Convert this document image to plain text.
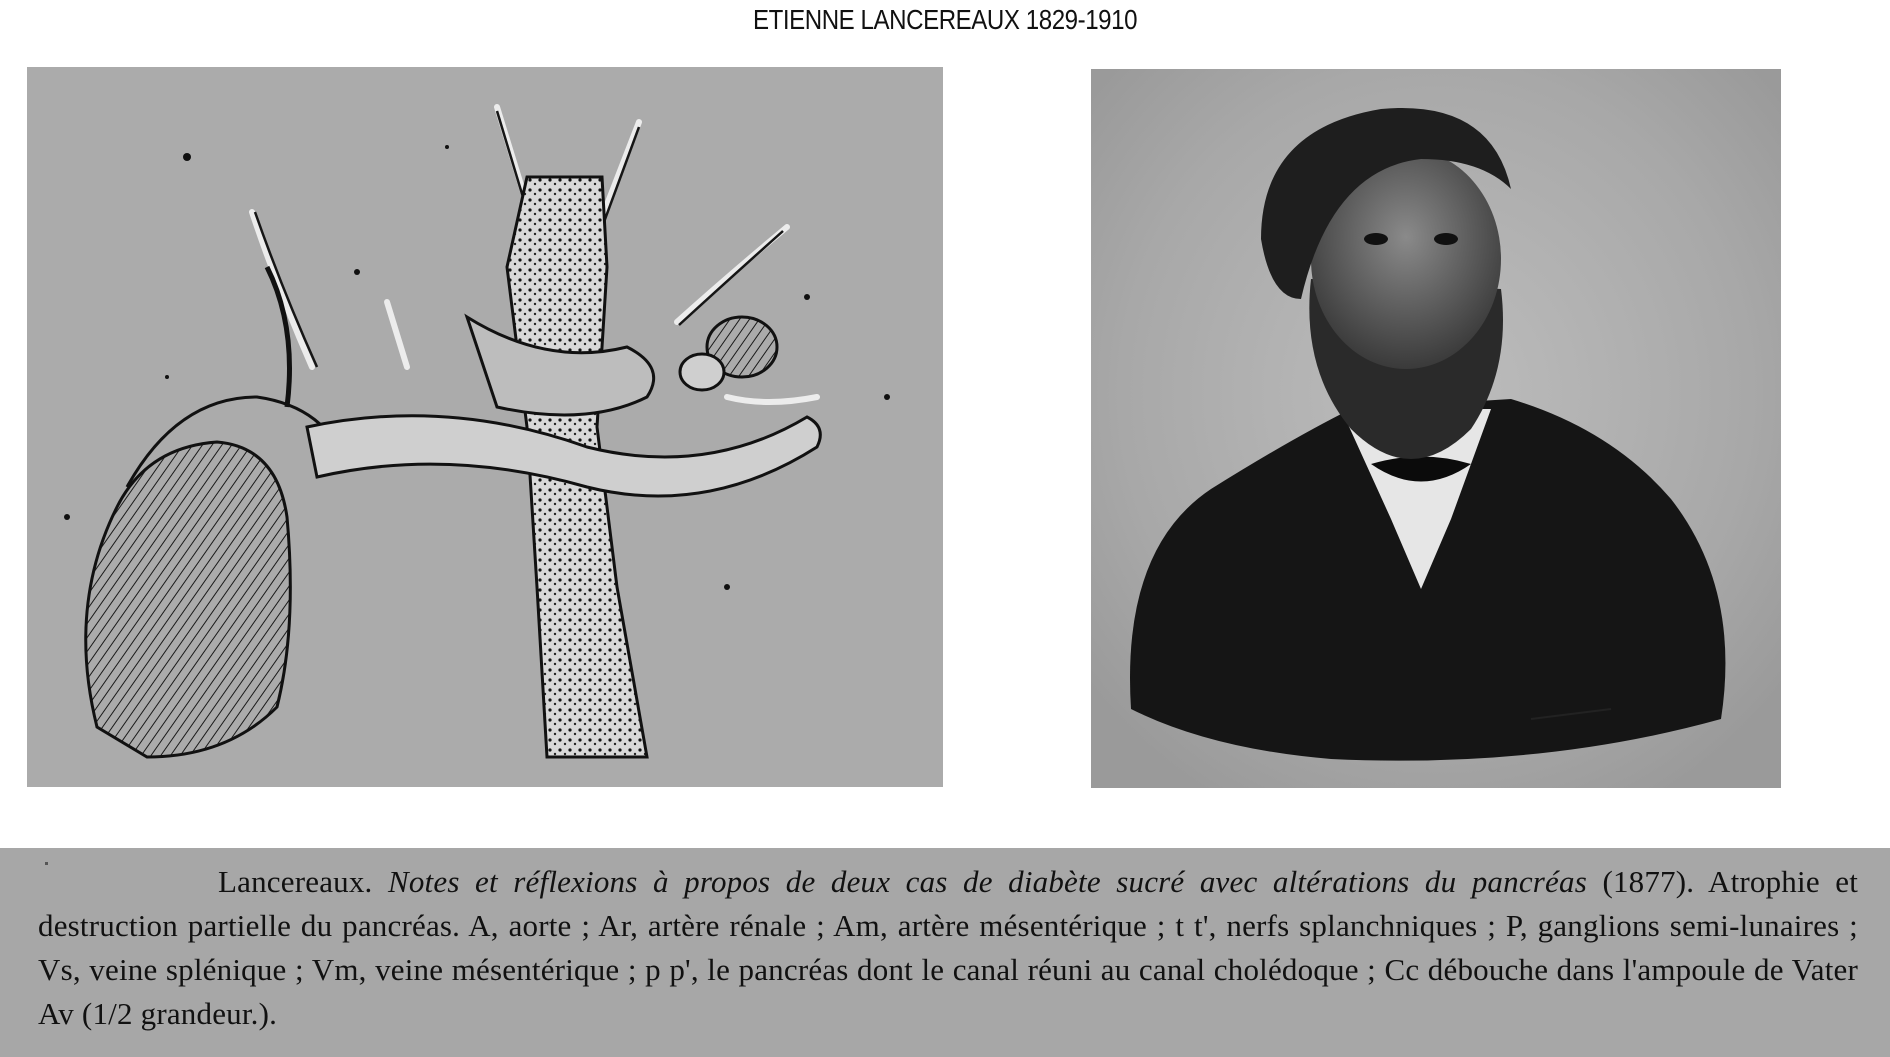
ETIENNE LANCEREAUX 1829-1910
Lancereaux. Notes et réflexions à propos de deux cas de diabète sucré avec altérations du pancréas (1877). Atrophie et destruction partielle du pancréas. A, aorte ; Ar, artère rénale ; Am, artère mésentérique ; t t', nerfs splanchniques ; P, ganglions semi-lunaires ; Vs, veine splénique ; Vm, veine mésentérique ; p p', le pancréas dont le canal réuni au canal cholédoque ; Cc débouche dans l'ampoule de Vater Av (1/2 grandeur.).
